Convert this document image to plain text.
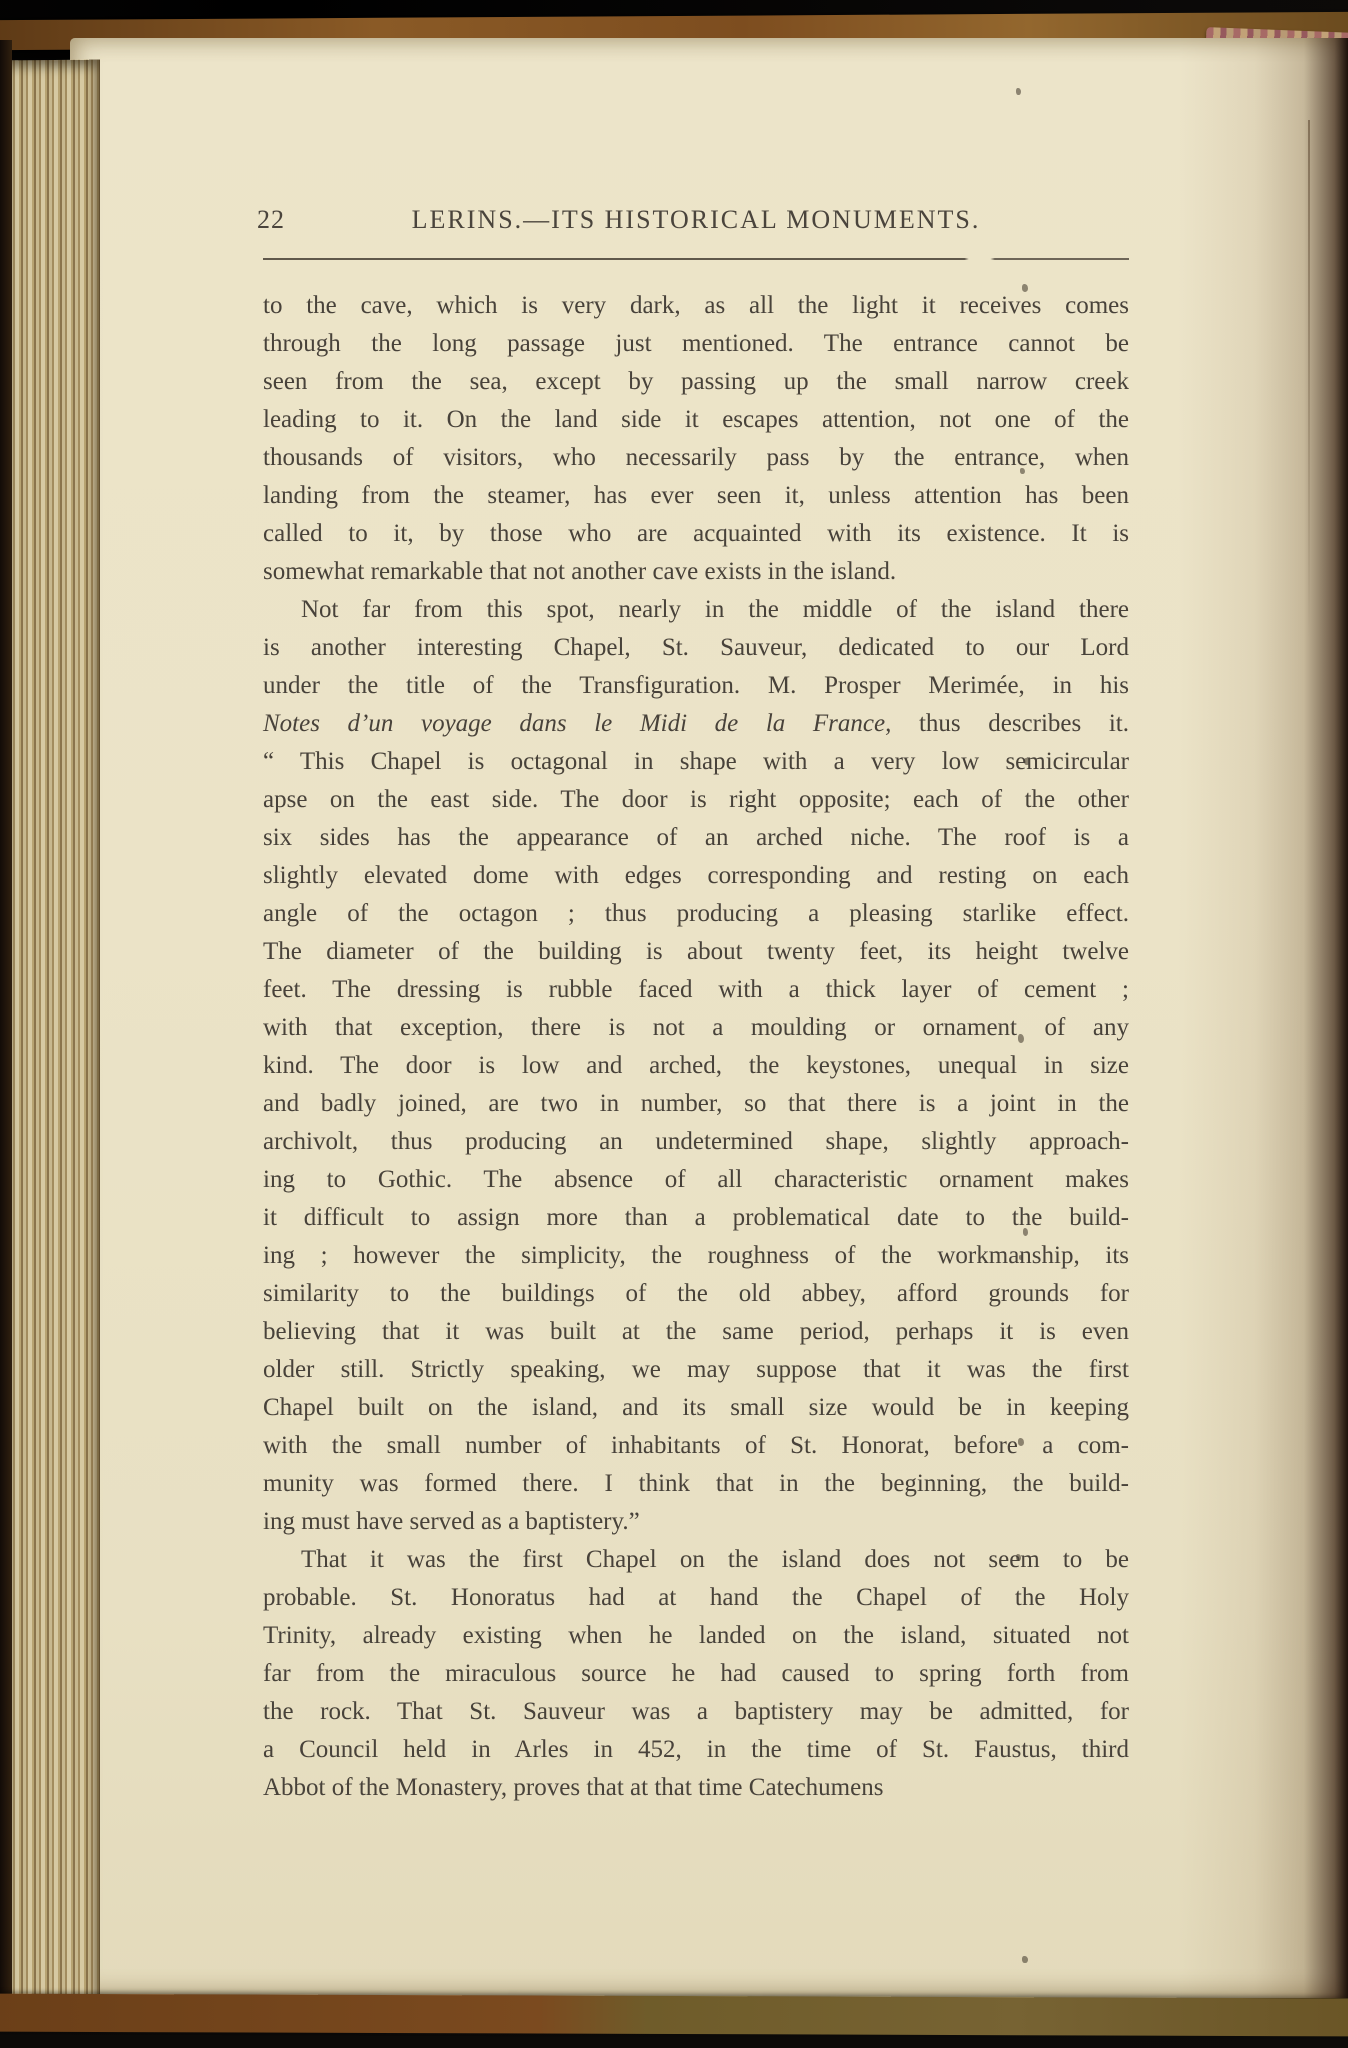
22	LERINS.—ITS HISTORICAL MONUMENTS.
to the cave, which is very dark, as all the light it receives comes
through the long passage just mentioned. The entrance cannot be
seen from the sea, except by passing up the small narrow creek
leading to it. On the land side it escapes attention, not one of the
thousands of visitors, who necessarily pass by the entrance, when
landing from the steamer, has ever seen it, unless attention has been
called to it, by those who are acquainted with its existence. It is
somewhat remarkable that not another cave exists in the island.
Not far from this spot, nearly in the middle of the island there
is another interesting Chapel, St. Sauveur, dedicated to our Lord
under the title of the Transfiguration. M. Prosper Merimée, in his
Notes d’un voyage dans le Midi de la France, thus describes it.
“ This Chapel is octagonal in shape with a very low semicircular
apse on the east side. The door is right opposite; each of the other
six sides has the appearance of an arched niche. The roof is a
slightly elevated dome with edges corresponding and resting on each
angle of the octagon ; thus producing a pleasing starlike effect.
The diameter of the building is about twenty feet, its height twelve
feet. The dressing is rubble faced with a thick layer of cement ;
with that exception, there is not a moulding or ornament of any
kind. The door is low and arched, the keystones, unequal in size
and badly joined, are two in number, so that there is a joint in the
archivolt, thus producing an undetermined shape, slightly approach-
ing to Gothic. The absence of all characteristic ornament makes
it difficult to assign more than a problematical date to the build-
ing ; however the simplicity, the roughness of the workmanship, its
similarity to the buildings of the old abbey, afford grounds for
believing that it was built at the same period, perhaps it is even
older still. Strictly speaking, we may suppose that it was the first
Chapel built on the island, and its small size would be in keeping
with the small number of inhabitants of St. Honorat, before a com-
munity was formed there. I think that in the beginning, the build-
ing must have served as a baptistery.”
That it was the first Chapel on the island does not seem to be
probable. St. Honoratus had at hand the Chapel of the Holy
Trinity, already existing when he landed on the island, situated not
far from the miraculous source he had caused to spring forth from
the rock. That St. Sauveur was a baptistery may be admitted, for
a Council held in Arles in 452, in the time of St. Faustus, third
Abbot of the Monastery, proves that at that time Catechumens
